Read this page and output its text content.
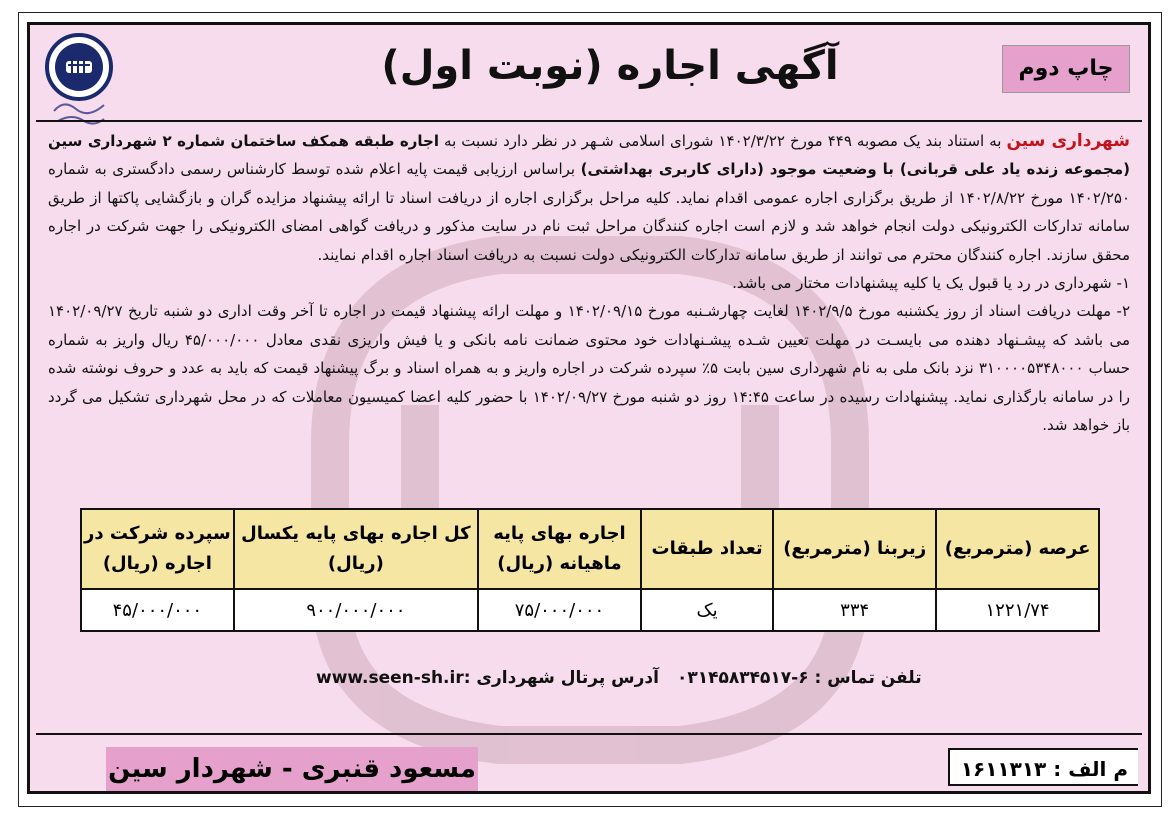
آگهی اجاره (نوبت اول)	چاپ دوم

شهرداری سین به استناد بند یک مصوبه ۴۴۹ مورخ ۱۴۰۲/۳/۲۲ شورای اسلامی شـهر در نظر دارد نسبت به اجاره طبقه همکف ساختمان شماره ۲ شهرداری سین (مجموعه زنده یاد علی قربانی) با وضعیت موجود (دارای کاربری بهداشتی) براساس ارزیابی قیمت پایه اعلام شده توسط کارشناس رسمی دادگستری به شماره ۱۴۰۲/۲۵۰ مورخ ۱۴۰۲/۸/۲۲ از طریق برگزاری اجاره عمومی اقدام نماید. کلیه مراحل برگزاری اجاره از دریافت اسناد تا ارائه پیشنهاد مزایده گران و بازگشایی پاکتها از طریق سامانه تدارکات الکترونیکی دولت انجام خواهد شد و لازم است اجاره کنندگان مراحل ثبت نام در سایت مذکور و دریافت گواهی امضای الکترونیکی را جهت شرکت در اجاره محقق سازند. اجاره کنندگان محترم می توانند از طریق سامانه تدارکات الکترونیکی دولت نسبت به دریافت اسناد اجاره اقدام نمایند.

۱- شهرداری در رد یا قبول یک یا کلیه پیشنهادات مختار می باشد.

۲- مهلت دریافت اسناد از روز یکشنبه مورخ ۱۴۰۲/۹/۵ لغایت چهارشـنبه مورخ ۱۴۰۲/۰۹/۱۵ و مهلت ارائه پیشنهاد قیمت در اجاره تا آخر وقت اداری دو شنبه تاریخ ۱۴۰۲/۰۹/۲۷ می باشد که پیشـنهاد دهنده می بایسـت در مهلت تعیین شـده پیشـنهادات خود محتوی ضمانت نامه بانکی و یا فیش واریزی نقدی معادل ۴۵/۰۰۰/۰۰۰ ریال واریز به شماره حساب ۳۱۰۰۰۰۵۳۴۸۰۰۰ نزد بانک ملی به نام شهرداری سین بابت ۵٪ سپرده شرکت در اجاره واریز و به همراه اسناد و برگ پیشنهاد قیمت که باید به عدد و حروف نوشته شده را در سامانه بارگذاری نماید. پیشنهادات رسیده در ساعت ۱۴:۴۵ روز دو شنبه مورخ ۱۴۰۲/۰۹/۲۷ با حضور کلیه اعضا کمیسیون معاملات که در محل شهرداری تشکیل می گردد باز خواهد شد.

عرصه (مترمربع)	زیربنا (مترمربع)	تعداد طبقات	اجاره بهای پایه ماهیانه (ریال)	کل اجاره بهای پایه یکسال (ریال)	سپرده شرکت در اجاره (ریال)
۱۲۲۱/۷۴	۳۳۴	یک	۷۵/۰۰۰/۰۰۰	۹۰۰/۰۰۰/۰۰۰	۴۵/۰۰۰/۰۰۰
تلفن تماس : ۶-۰۳۱۴۵۸۳۴۵۱۷آدرس پرتال شهرداری :www.seen-sh.ir
مسعود قنبری - شهردار سین	م الف : ۱۶۱۱۳۱۳
